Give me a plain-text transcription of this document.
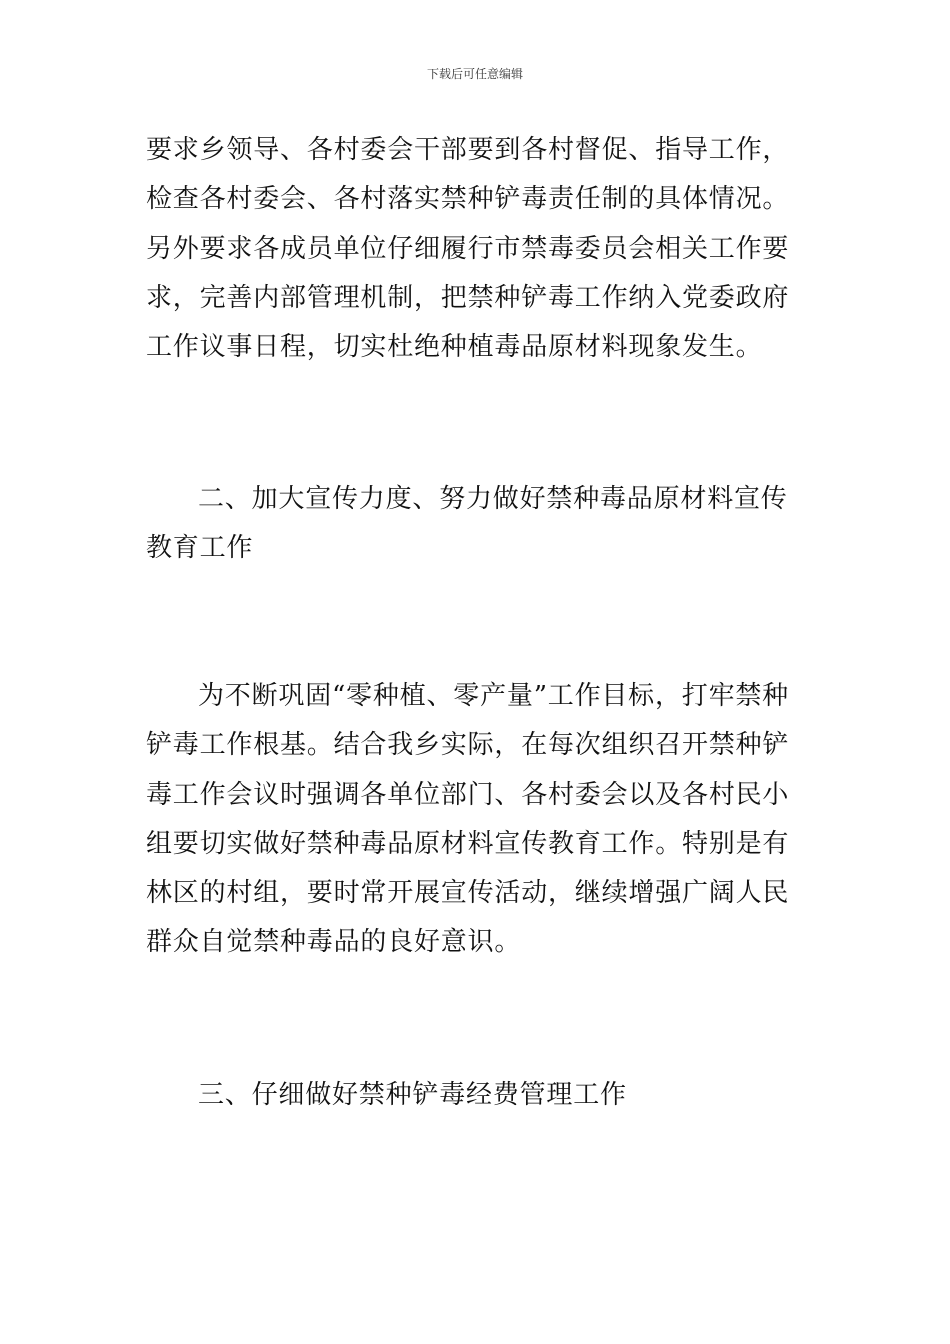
下载后可任意编辑

要求乡领导、各村委会干部要到各村督促、指导工作，检查各村委会、各村落实禁种铲毒责任制的具体情况。另外要求各成员单位仔细履行市禁毒委员会相关工作要求，完善内部管理机制，把禁种铲毒工作纳入党委政府工作议事日程，切实杜绝种植毒品原材料现象发生。

二、加大宣传力度、努力做好禁种毒品原材料宣传教育工作

为不断巩固“零种植、零产量”工作目标，打牢禁种铲毒工作根基。结合我乡实际，在每次组织召开禁种铲毒工作会议时强调各单位部门、各村委会以及各村民小组要切实做好禁种毒品原材料宣传教育工作。特别是有林区的村组，要时常开展宣传活动，继续增强广阔人民群众自觉禁种毒品的良好意识。

三、仔细做好禁种铲毒经费管理工作
